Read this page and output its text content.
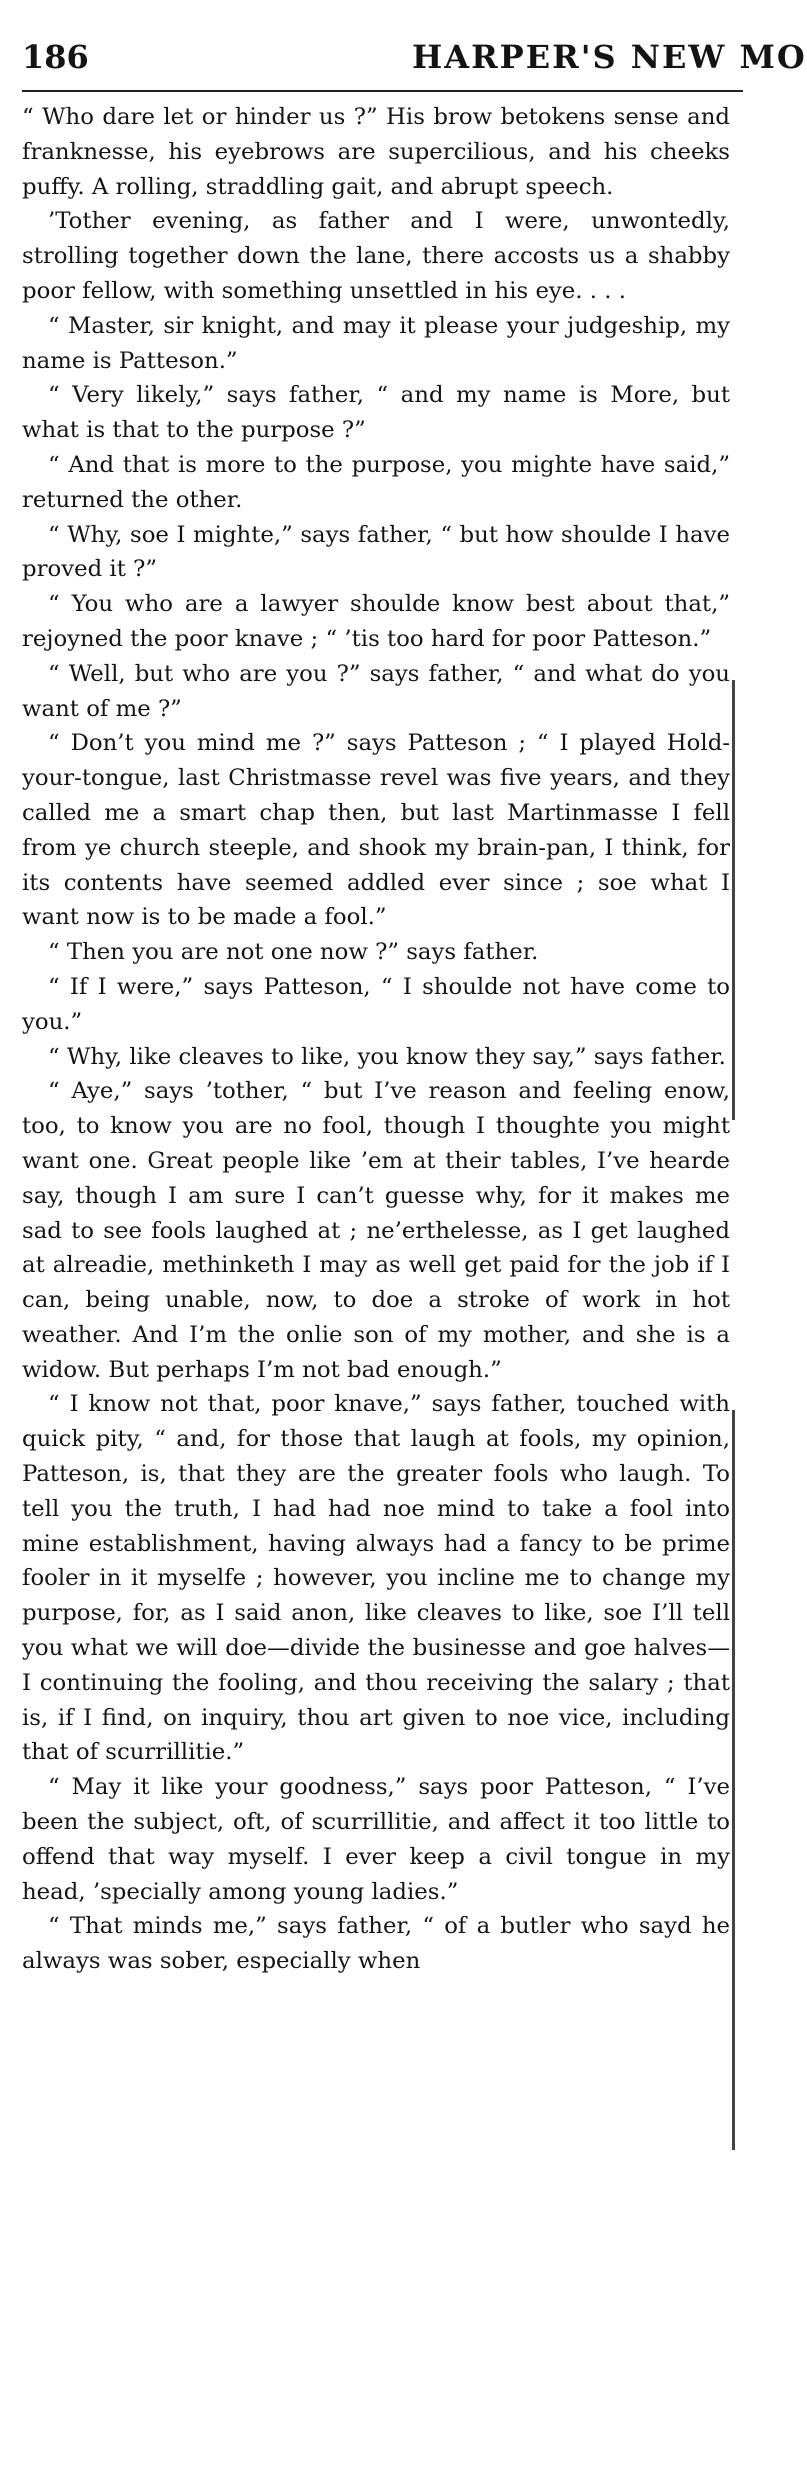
186	HARPER'S NEW MO

“ Who dare let or hinder us ?” His brow betokens sense and franknesse, his eyebrows are supercilious, and his cheeks puffy. A rolling, straddling gait, and abrupt speech.

’Tother evening, as father and I were, unwontedly, strolling together down the lane, there accosts us a shabby poor fellow, with something unsettled in his eye. . . .

“ Master, sir knight, and may it please your judgeship, my name is Patteson.”

“ Very likely,” says father, “ and my name is More, but what is that to the purpose ?”

“ And that is more to the purpose, you mighte have said,” returned the other.

“ Why, soe I mighte,” says father, “ but how shoulde I have proved it ?”

“ You who are a lawyer shoulde know best about that,” rejoyned the poor knave ; “ ’tis too hard for poor Patteson.”

“ Well, but who are you ?” says father, “ and what do you want of me ?”

“ Don’t you mind me ?” says Patteson ; “ I played Hold-your-tongue, last Christmasse revel was five years, and they called me a smart chap then, but last Martinmasse I fell from ye church steeple, and shook my brain-pan, I think, for its contents have seemed addled ever since ; soe what I want now is to be made a fool.”

“ Then you are not one now ?” says father.

“ If I were,” says Patteson, “ I shoulde not have come to you.”

“ Why, like cleaves to like, you know they say,” says father.

“ Aye,” says ’tother, “ but I’ve reason and feeling enow, too, to know you are no fool, though I thoughte you might want one. Great people like ’em at their tables, I’ve hearde say, though I am sure I can’t guesse why, for it makes me sad to see fools laughed at ; ne’erthelesse, as I get laughed at alreadie, methinketh I may as well get paid for the job if I can, being unable, now, to doe a stroke of work in hot weather. And I’m the onlie son of my mother, and she is a widow. But perhaps I’m not bad enough.”

“ I know not that, poor knave,” says father, touched with quick pity, “ and, for those that laugh at fools, my opinion, Patteson, is, that they are the greater fools who laugh. To tell you the truth, I had had noe mind to take a fool into mine establishment, having always had a fancy to be prime fooler in it myselfe ; however, you incline me to change my purpose, for, as I said anon, like cleaves to like, soe I’ll tell you what we will doe—divide the businesse and goe halves—I continuing the fooling, and thou receiving the salary ; that is, if I find, on inquiry, thou art given to noe vice, including that of scurrillitie.”

“ May it like your goodness,” says poor Patteson, “ I’ve been the subject, oft, of scurrillitie, and affect it too little to offend that way myself. I ever keep a civil tongue in my head, ’specially among young ladies.”

“ That minds me,” says father, “ of a butler who sayd he always was sober, especially when
